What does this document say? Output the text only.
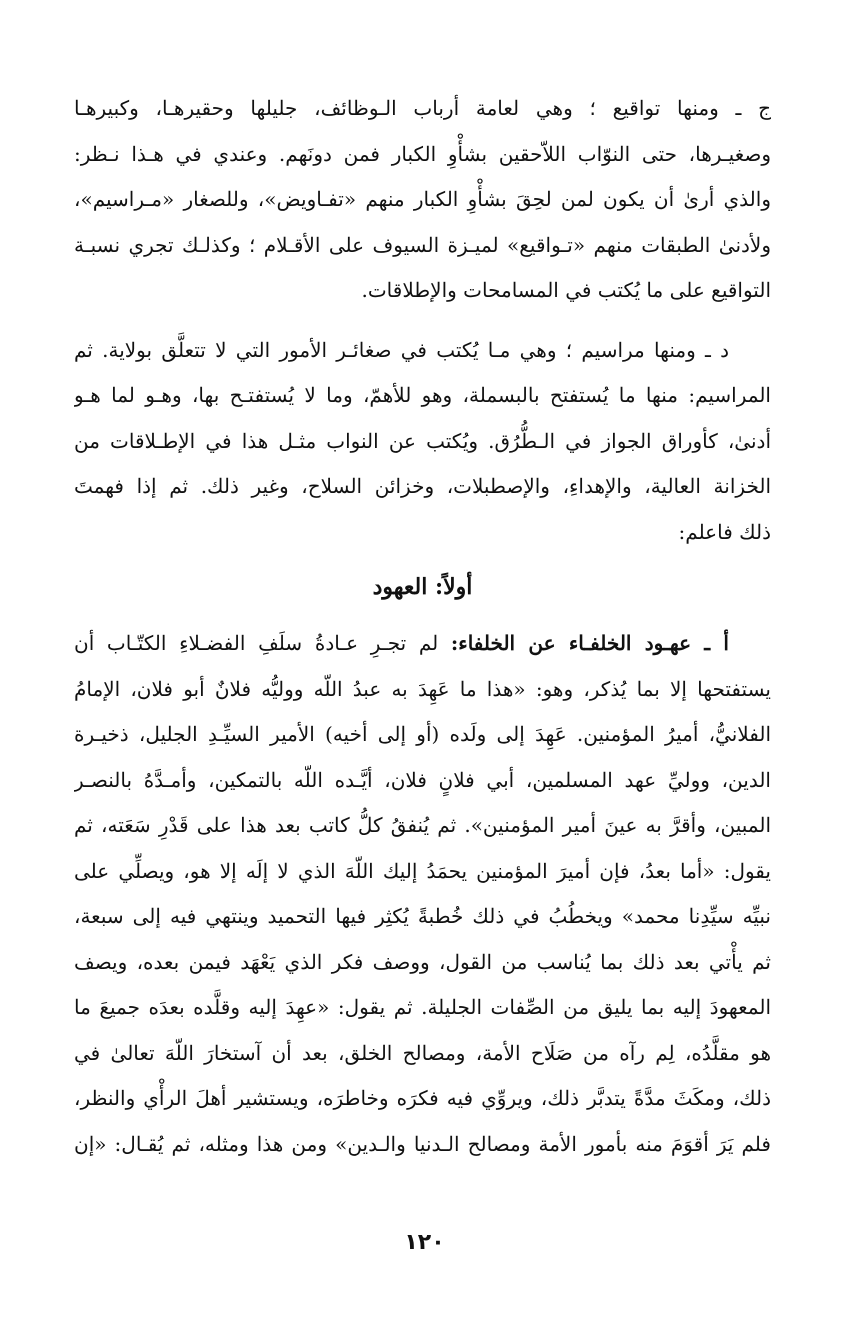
ج ـ ومنها تواقيع ؛ وهي لعامة أرباب الـوظائف، جليلها وحقيرهـا، وكبيرهـا
وصغيـرها، حتى النوّاب اللاّحقين بشأْوِ الكبار فمن دونَهم. وعندي في هـذا نـظر:
والذي أرىٰ أن يكون لمن لحِقَ بشأْوِ الكبار منهم «تفـاويض»، وللصغار «مـراسيم»،
ولأدنىٰ الطبقات منهم «تـواقيع» لميـزة السيوف على الأقـلام ؛ وكذلـك تجري نسبـة
التواقيع على ما يُكتب في المسامحات والإطلاقات.
د ـ ومنها مراسيم ؛ وهي مـا يُكتب في صغائـر الأمور التي لا تتعلَّق بولاية. ثم
المراسيم: منها ما يُستفتح بالبسملة، وهو للأهمّ، وما لا يُستفتـح بها، وهـو لما هـو
أدنىٰ، كأوراق الجواز في الـطُّرُق. ويُكتب عن النواب مثـل هذا في الإطـلاقات من
الخزانة العالية، والإهداءِ، والإصطبلات، وخزائن السلاح، وغير ذلك. ثم إذا فهمتَ
ذلك فاعلم:
أولاً: العهود
أ ـ عهـود الخلفـاء عن الخلفاء: لم تجـرِ عـادةُ سلَفِ الفضـلاءِ الكتّـاب أن
يستفتحها إلا بما يُذكر، وهو: «هذا ما عَهِدَ به عبدُ اللّه ووليُّه فلانٌ أبو فلان، الإمامُ
الفلانيُّ، أميرُ المؤمنين. عَهِدَ إلى ولَده (أو إلى أخيه) الأمير السيِّـدِ الجليل، ذخيـرة
الدين، ووليِّ عهد المسلمين، أبي فلانٍ فلان، أيَّـده اللّه بالتمكين، وأمـدَّهُ بالنصـر
المبين، وأقرَّ به عينَ أمير المؤمنين». ثم يُنفقُ كلُّ كاتب بعد هذا على قَدْرِ سَعَته، ثم
يقول: «أما بعدُ، فإن أميرَ المؤمنين يحمَدُ إليك اللّهَ الذي لا إلَه إلا هو، ويصلِّي على
نبيِّه سيِّدِنا محمد» ويخطُبُ في ذلك خُطبةً يُكثِر فيها التحميد وينتهي فيه إلى سبعة،
ثم يأْتي بعد ذلك بما يُناسب من القول، ووصف فكر الذي يَعْهَد فيمن بعده، ويصف
المعهودَ إليه بما يليق من الصِّفات الجليلة. ثم يقول: «عهِدَ إليه وقلَّده بعدَه جميعَ ما
هو مقلَّدُه، لِم رآه من صَلَاح الأمة، ومصالح الخلق، بعد أن آستخارَ اللّهَ تعالىٰ في
ذلك، ومكَثَ مدَّةً يتدبَّر ذلك، ويروِّي فيه فكرَه وخاطرَه، ويستشير أهلَ الرأْي والنظر،
فلم يَرَ أقوَمَ منه بأمور الأمة ومصالح الـدنيا والـدين» ومن هذا ومثله، ثم يُقـال: «إن
١٢٠
